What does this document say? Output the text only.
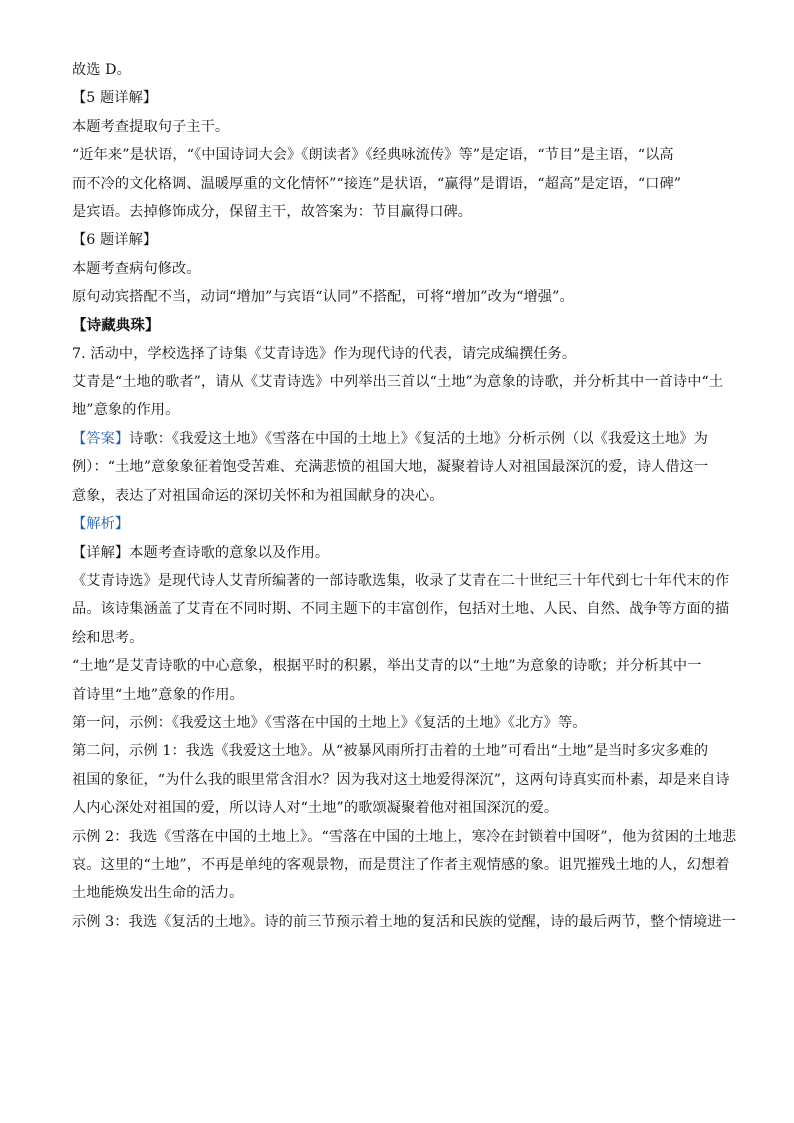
故选 D。
【5 题详解】
本题考查提取句子主干。
“近年来”是状语，“《中国诗词大会》《朗读者》《经典咏流传》等”是定语，“节目”是主语，“以高
而不冷的文化格调、温暖厚重的文化情怀”“接连”是状语，“赢得”是谓语，“超高”是定语，“口碑”
是宾语。去掉修饰成分，保留主干，故答案为：节目赢得口碑。
【6 题详解】
本题考查病句修改。
原句动宾搭配不当，动词“增加”与宾语“认同”不搭配，可将“增加”改为“增强”。
【诗藏典珠】
7. 活动中，学校选择了诗集《艾青诗选》作为现代诗的代表，请完成编撰任务。
艾青是“土地的歌者”，请从《艾青诗选》中列举出三首以“土地”为意象的诗歌，并分析其中一首诗中“土
地”意象的作用。
【答案】诗歌：《我爱这土地》《雪落在中国的土地上》《复活的土地》分析示例（以《我爱这土地》为
例）：“土地”意象象征着饱受苦难、充满悲愤的祖国大地，凝聚着诗人对祖国最深沉的爱，诗人借这一
意象，表达了对祖国命运的深切关怀和为祖国献身的决心。
【解析】
【详解】本题考查诗歌的意象以及作用。
《艾青诗选》是现代诗人艾青所编著的一部诗歌选集，收录了艾青在二十世纪三十年代到七十年代末的作
品。该诗集涵盖了艾青在不同时期、不同主题下的丰富创作，包括对土地、人民、自然、战争等方面的描
绘和思考。
“土地”是艾青诗歌的中心意象，根据平时的积累，举出艾青的以“土地”为意象的诗歌；并分析其中一
首诗里“土地”意象的作用。
第一问，示例：《我爱这土地》《雪落在中国的土地上》《复活的土地》《北方》等。
第二问，示例 1：我选《我爱这土地》。从“被暴风雨所打击着的土地”可看出“土地”是当时多灾多难的
祖国的象征，“为什么我的眼里常含泪水？因为我对这土地爱得深沉”，这两句诗真实而朴素，却是来自诗
人内心深处对祖国的爱，所以诗人对“土地”的歌颂凝聚着他对祖国深沉的爱。
示例 2：我选《雪落在中国的土地上》。“雪落在中国的土地上，寒冷在封锁着中国呀”，他为贫困的土地悲
哀。这里的“土地”，不再是单纯的客观景物，而是贯注了作者主观情感的象。诅咒摧残土地的人，幻想着
土地能焕发出生命的活力。
示例 3：我选《复活的土地》。诗的前三节预示着土地的复活和民族的觉醒，诗的最后两节，整个情境进一
